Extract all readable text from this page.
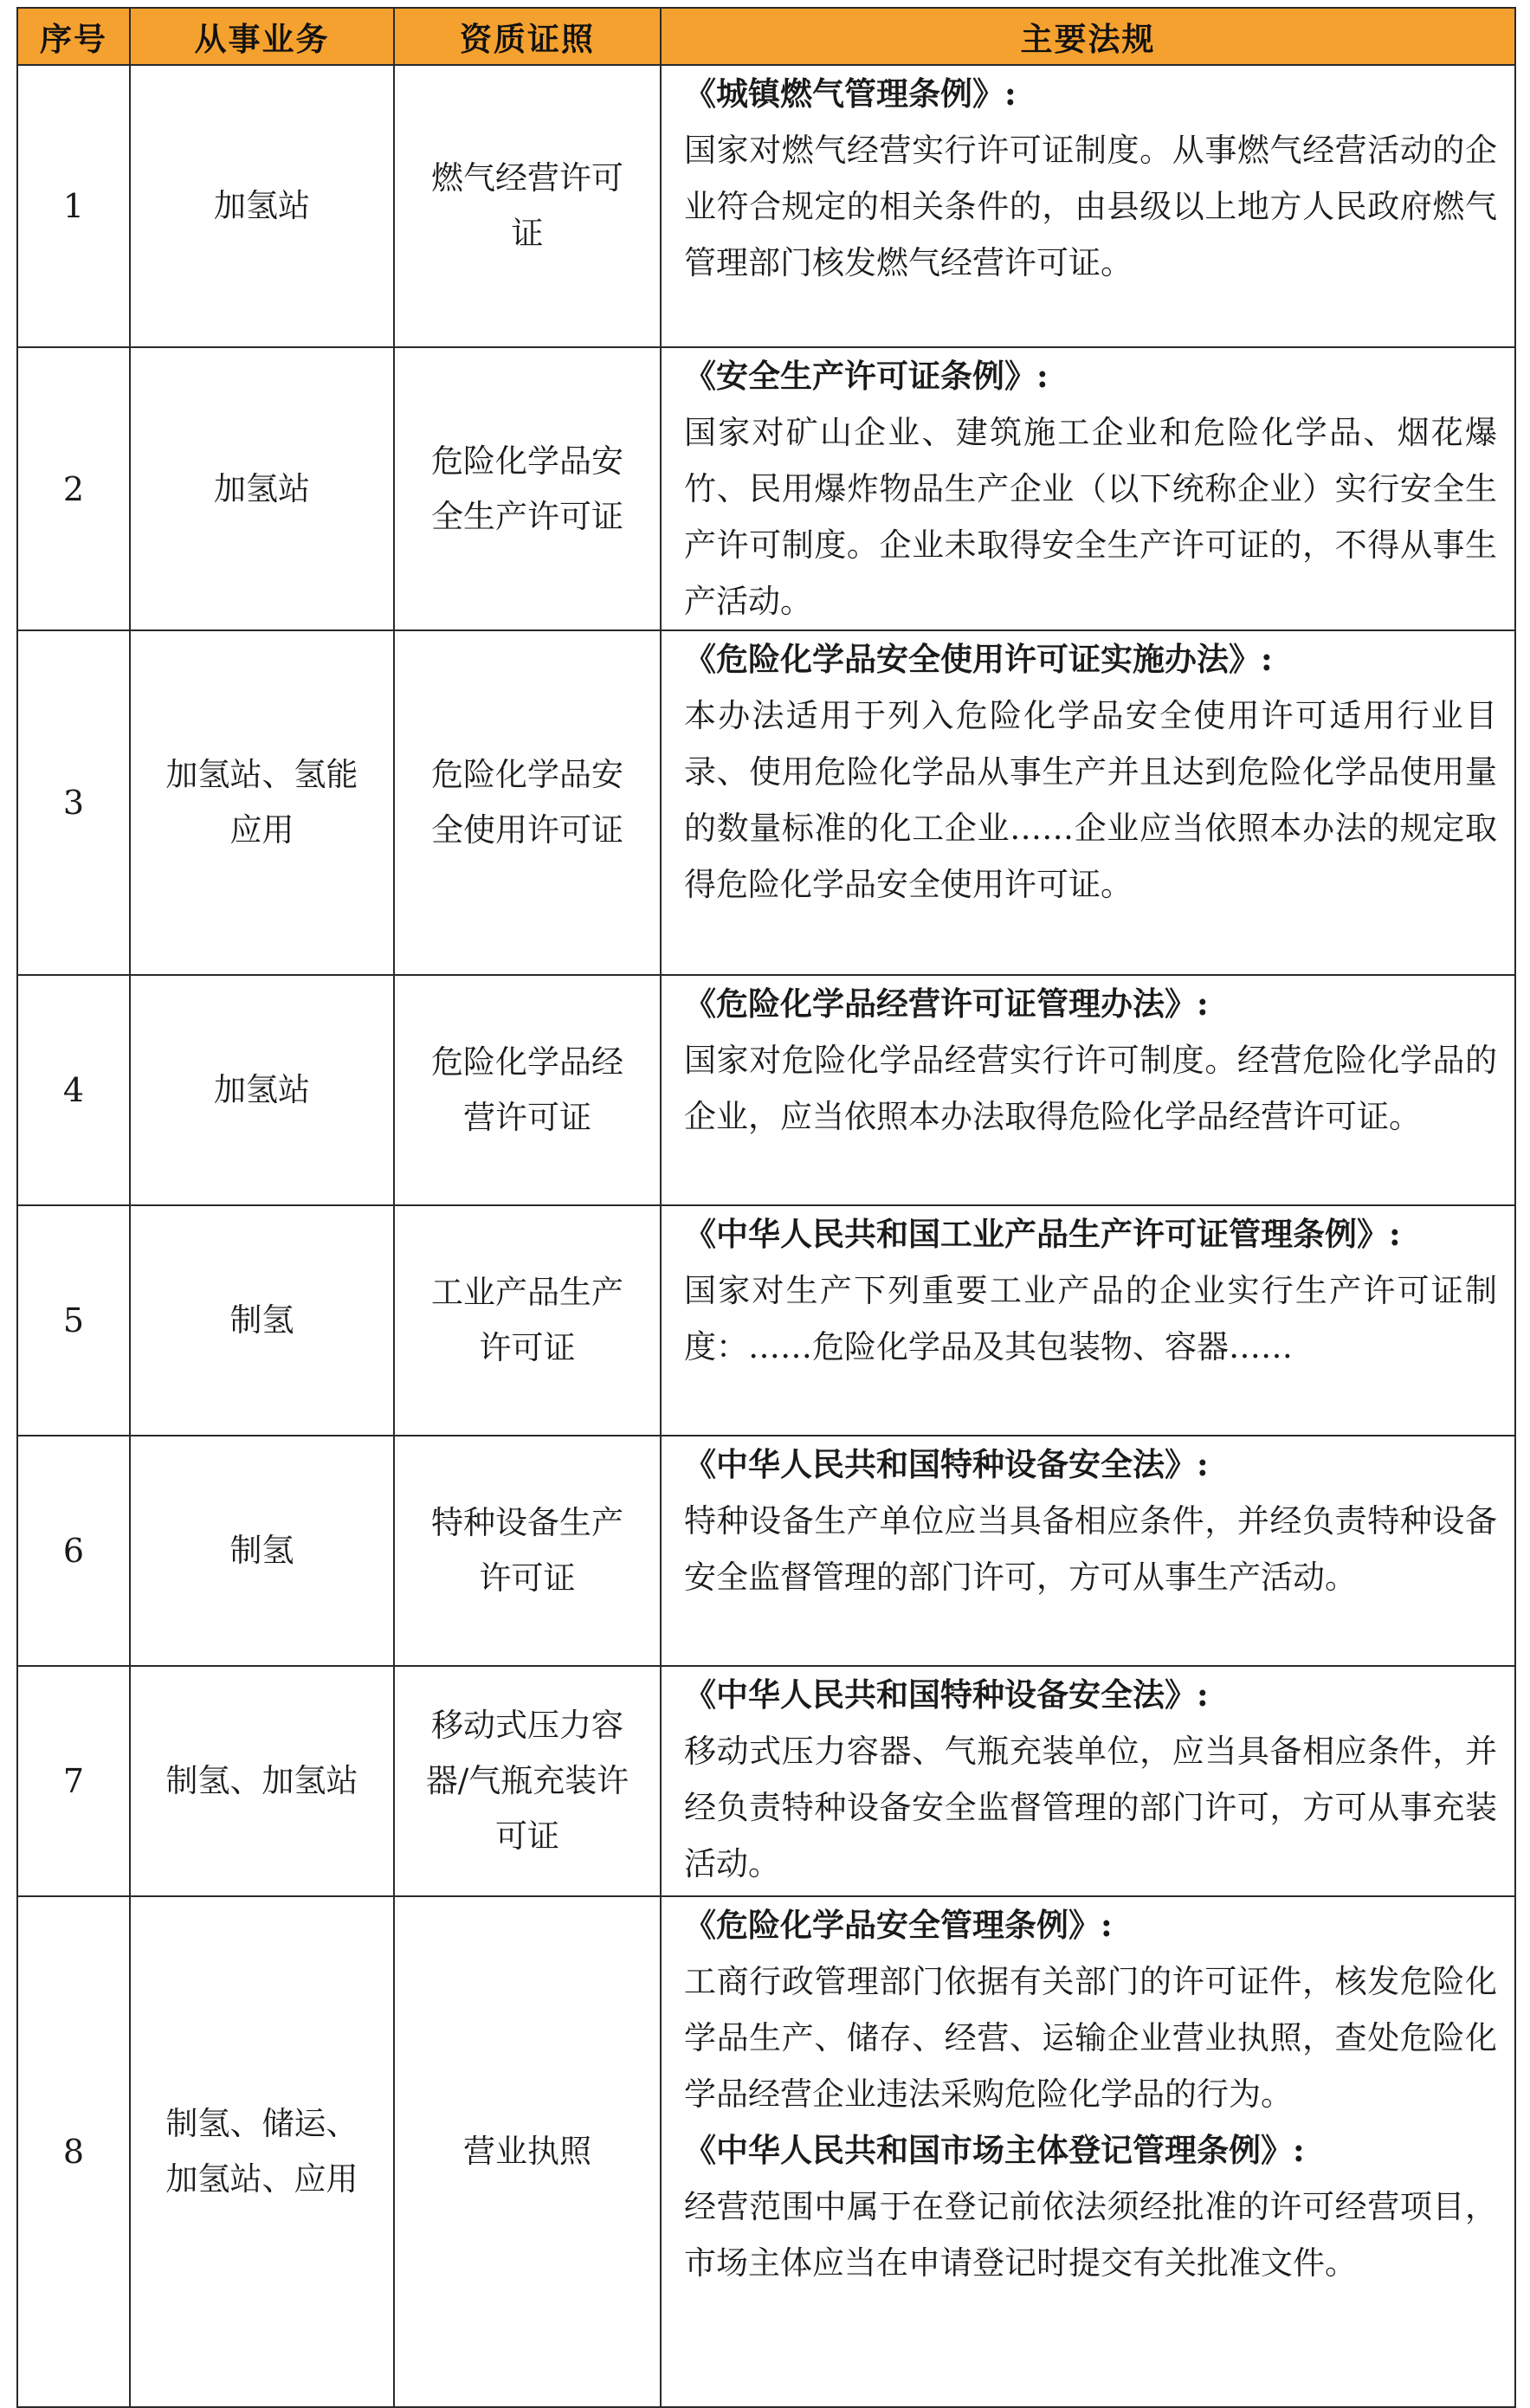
序号	从事业务	资质证照	主要法规
1	加氢站	燃气经营许可证	《城镇燃气管理条例》:
国家对燃气经营实行许可证制度。从事燃气经营活动的企业符合规定的相关条件的，由县级以上地方人民政府燃气管理部门核发燃气经营许可证。

2	加氢站	危险化学品安全生产许可证	《安全生产许可证条例》:
国家对矿山企业、建筑施工企业和危险化学品、烟花爆竹、民用爆炸物品生产企业（以下统称企业）实行安全生产许可制度。企业未取得安全生产许可证的，不得从事生产活动。

3	加氢站、氢能应用	危险化学品安全使用许可证	《危险化学品安全使用许可证实施办法》:
本办法适用于列入危险化学品安全使用许可适用行业目录、使用危险化学品从事生产并且达到危险化学品使用量的数量标准的化工企业……企业应当依照本办法的规定取得危险化学品安全使用许可证。

4	加氢站	危险化学品经营许可证	《危险化学品经营许可证管理办法》:
国家对危险化学品经营实行许可制度。经营危险化学品的企业，应当依照本办法取得危险化学品经营许可证。

5	制氢	工业产品生产许可证	《中华人民共和国工业产品生产许可证管理条例》:
国家对生产下列重要工业产品的企业实行生产许可证制度：……危险化学品及其包装物、容器……

6	制氢	特种设备生产许可证	《中华人民共和国特种设备安全法》:
特种设备生产单位应当具备相应条件，并经负责特种设备安全监督管理的部门许可，方可从事生产活动。

7	制氢、加氢站	移动式压力容器/气瓶充装许可证	《中华人民共和国特种设备安全法》:
移动式压力容器、气瓶充装单位，应当具备相应条件，并经负责特种设备安全监督管理的部门许可，方可从事充装活动。

8	制氢、储运、加氢站、应用	营业执照	《危险化学品安全管理条例》:
工商行政管理部门依据有关部门的许可证件，核发危险化学品生产、储存、经营、运输企业营业执照，查处危险化学品经营企业违法采购危险化学品的行为。
《中华人民共和国市场主体登记管理条例》:
经营范围中属于在登记前依法须经批准的许可经营项目，市场主体应当在申请登记时提交有关批准文件。
